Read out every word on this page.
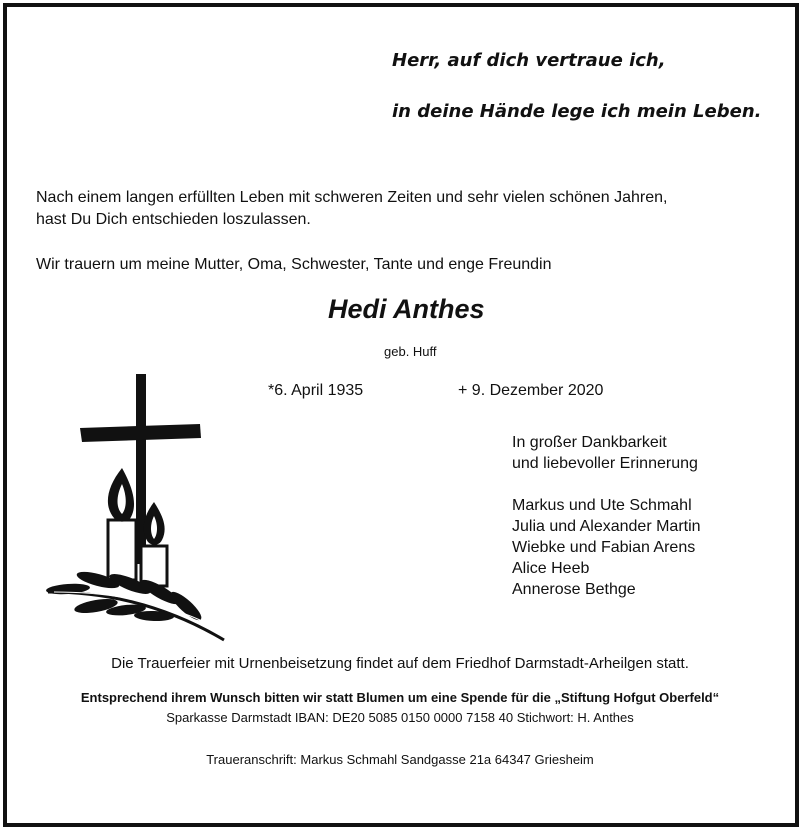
Herr, auf dich vertraue ich,
in deine Hände lege ich mein Leben.
Nach einem langen erfüllten Leben mit schweren Zeiten und sehr vielen schönen Jahren,
hast Du Dich entschieden loszulassen.
Wir trauern um meine Mutter, Oma, Schwester, Tante und enge Freundin
Hedi Anthes
geb. Huff
*6. April 1935	+ 9. Dezember 2020
In großer Dankbarkeit
und liebevoller Erinnerung
Markus und Ute Schmahl
Julia und Alexander Martin
Wiebke und Fabian Arens
Alice Heeb
Annerose Bethge
Die Trauerfeier mit Urnenbeisetzung findet auf dem Friedhof Darmstadt-Arheilgen statt.
Entsprechend ihrem Wunsch bitten wir statt Blumen um eine Spende für die „Stiftung Hofgut Oberfeld“
Sparkasse Darmstadt IBAN: DE20 5085 0150 0000 7158 40 Stichwort: H. Anthes
Traueranschrift: Markus Schmahl Sandgasse 21a 64347 Griesheim
